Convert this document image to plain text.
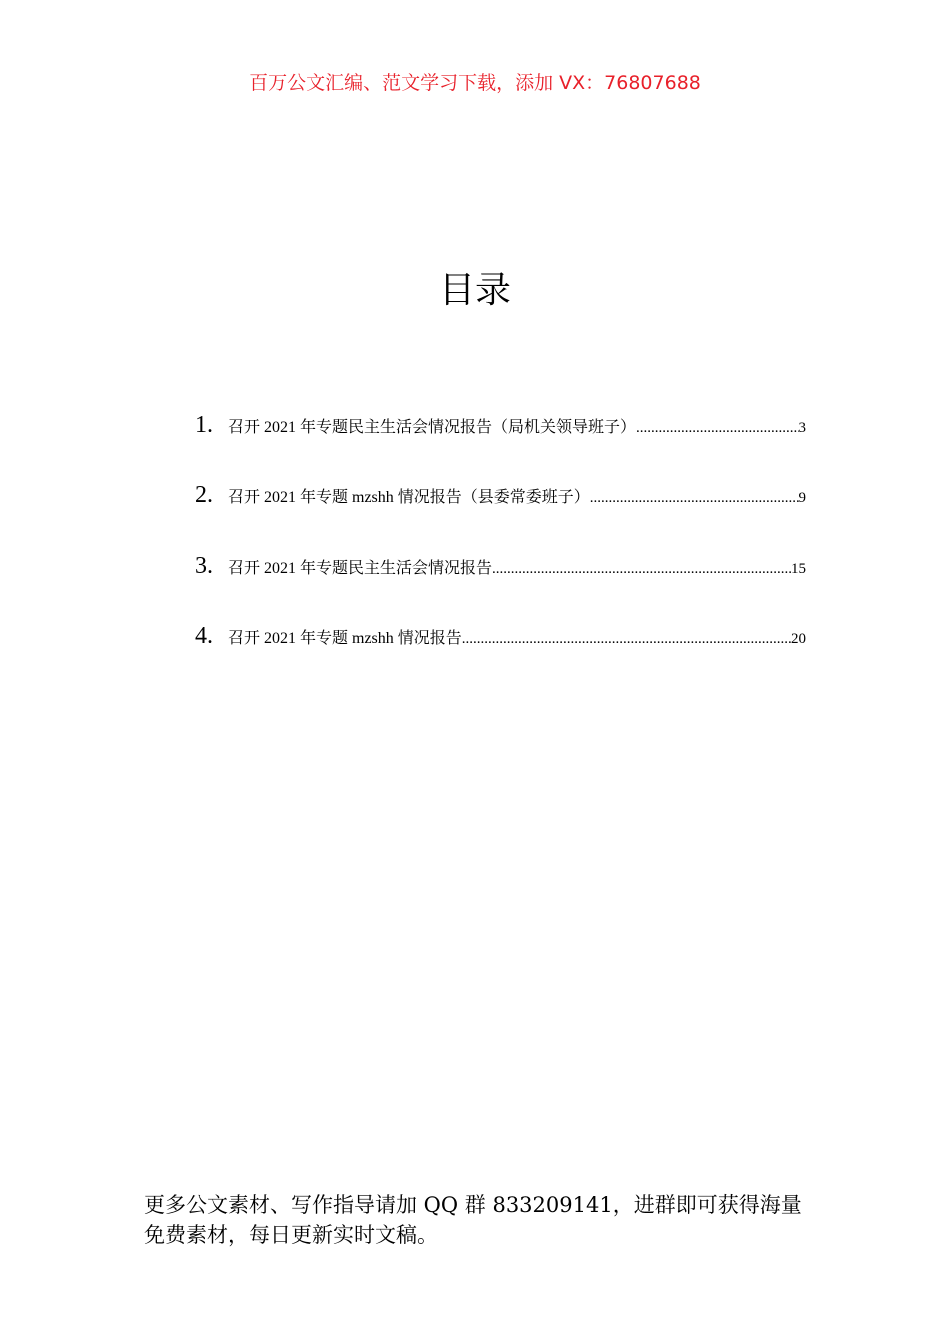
百万公文汇编、范文学习下载，添加 VX：76807688
目录
1. 召开 2021 年专题民主生活会情况报告（局机关领导班子） .....	3
2. 召开 2021 年专题 mzshh 情况报告（县委常委班子） .....	9
3. 召开 2021 年专题民主生活会情况报告 .....	15
4. 召开 2021 年专题 mzshh 情况报告 .....	20
更多公文素材、写作指导请加 QQ 群 833209141，进群即可获得海量免费素材，每日更新实时文稿。
